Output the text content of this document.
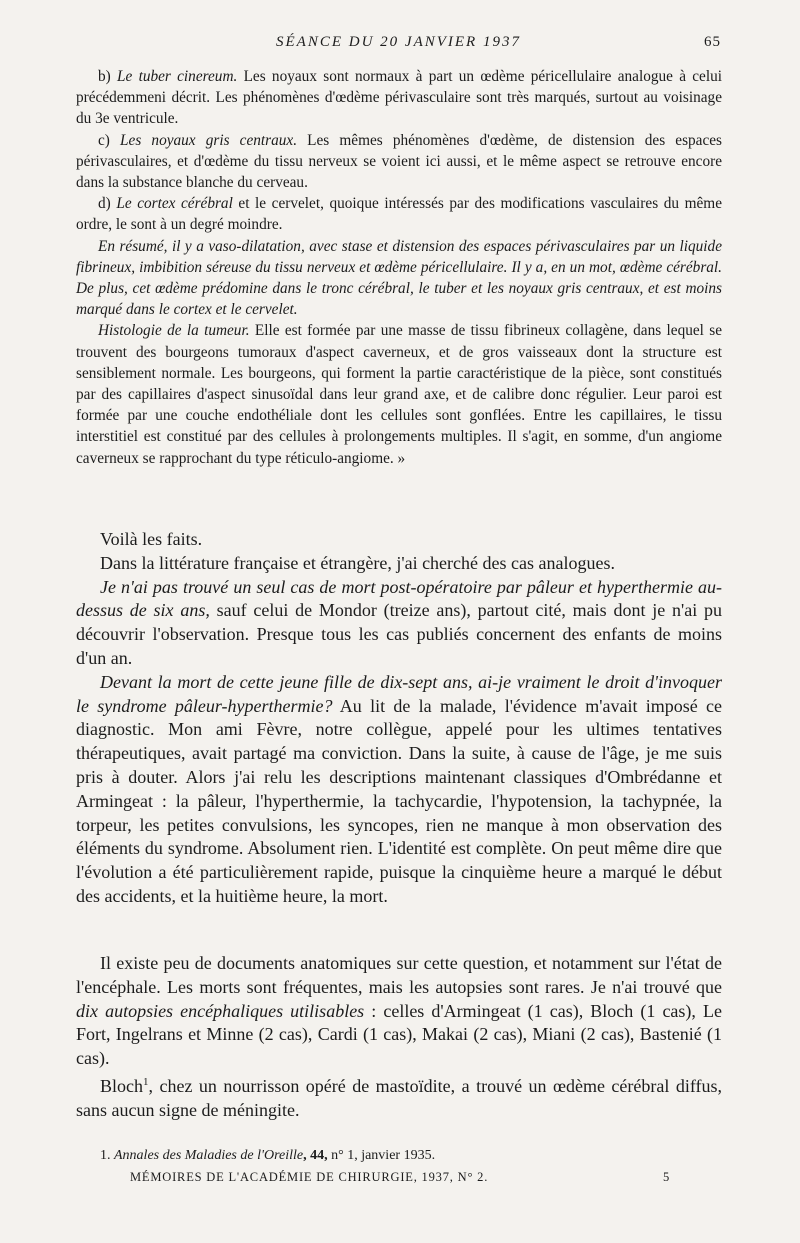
SÉANCE DU 20 JANVIER 1937	65

b) Le tuber cinereum. Les noyaux sont normaux à part un œdème péricellulaire analogue à celui précédemmeni décrit. Les phénomènes d'œdème périvasculaire sont très marqués, surtout au voisinage du 3e ventricule.

c) Les noyaux gris centraux. Les mêmes phénomènes d'œdème, de distension des espaces périvasculaires, et d'œdème du tissu nerveux se voient ici aussi, et le même aspect se retrouve encore dans la substance blanche du cerveau.

d) Le cortex cérébral et le cervelet, quoique intéressés par des modifications vasculaires du même ordre, le sont à un degré moindre.

En résumé, il y a vaso-dilatation, avec stase et distension des espaces périvasculaires par un liquide fibrineux, imbibition séreuse du tissu nerveux et œdème péricellulaire. Il y a, en un mot, œdème cérébral. De plus, cet œdème prédomine dans le tronc cérébral, le tuber et les noyaux gris centraux, et est moins marqué dans le cortex et le cervelet.

Histologie de la tumeur. Elle est formée par une masse de tissu fibrineux collagène, dans lequel se trouvent des bourgeons tumoraux d'aspect caverneux, et de gros vaisseaux dont la structure est sensiblement normale. Les bourgeons, qui forment la partie caractéristique de la pièce, sont constitués par des capillaires d'aspect sinusoïdal dans leur grand axe, et de calibre donc régulier. Leur paroi est formée par une couche endothéliale dont les cellules sont gonflées. Entre les capillaires, le tissu interstitiel est constitué par des cellules à prolongements multiples. Il s'agit, en somme, d'un angiome caverneux se rapprochant du type réticulo-angiome. »

Voilà les faits.

Dans la littérature française et étrangère, j'ai cherché des cas analogues.

Je n'ai pas trouvé un seul cas de mort post-opératoire par pâleur et hyperthermie au-dessus de six ans, sauf celui de Mondor (treize ans), partout cité, mais dont je n'ai pu découvrir l'observation. Presque tous les cas publiés concernent des enfants de moins d'un an.

Devant la mort de cette jeune fille de dix-sept ans, ai-je vraiment le droit d'invoquer le syndrome pâleur-hyperthermie? Au lit de la malade, l'évidence m'avait imposé ce diagnostic. Mon ami Fèvre, notre collègue, appelé pour les ultimes tentatives thérapeutiques, avait partagé ma conviction. Dans la suite, à cause de l'âge, je me suis pris à douter. Alors j'ai relu les descriptions maintenant classiques d'Ombrédanne et Armingeat : la pâleur, l'hyperthermie, la tachycardie, l'hypotension, la tachypnée, la torpeur, les petites convulsions, les syncopes, rien ne manque à mon observation des éléments du syndrome. Absolument rien. L'identité est complète. On peut même dire que l'évolution a été particulièrement rapide, puisque la cinquième heure a marqué le début des accidents, et la huitième heure, la mort.

Il existe peu de documents anatomiques sur cette question, et notamment sur l'état de l'encéphale. Les morts sont fréquentes, mais les autopsies sont rares. Je n'ai trouvé que dix autopsies encéphaliques utilisables : celles d'Armingeat (1 cas), Bloch (1 cas), Le Fort, Ingelrans et Minne (2 cas), Cardi (1 cas), Makai (2 cas), Miani (2 cas), Bastenié (1 cas).

Bloch$^1$, chez un nourrisson opéré de mastoïdite, a trouvé un œdème cérébral diffus, sans aucun signe de méningite.

1. Annales des Maladies de l'Oreille, 44, n° 1, janvier 1935.
MÉMOIRES DE L'ACADÉMIE DE CHIRURGIE, 1937, N° 2.	5
